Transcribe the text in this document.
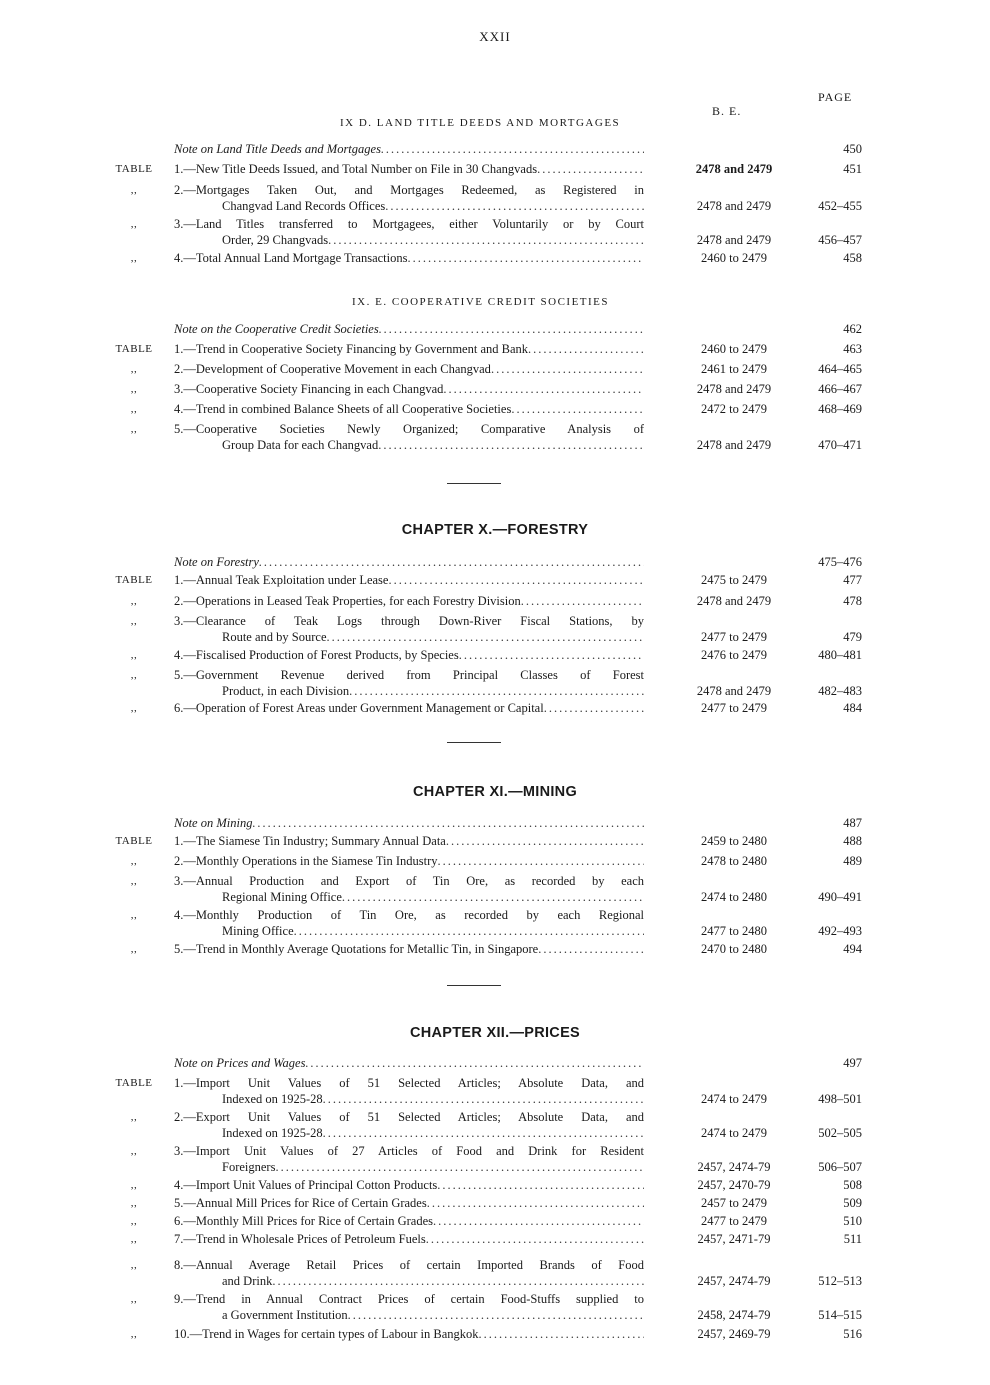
XXII
PAGE
B. E.
IX D. LAND TITLE DEEDS AND MORTGAGES
Note on Land Title Deeds and Mortgages .....	450
TABLE	1.—New Title Deeds Issued, and Total Number on File in 30 Changvads .....	2478 and 2479	451
,,	2.—Mortgages Taken Out, and Mortgages Redeemed, as Registered in
Changvad Land Records Offices .....	2478 and 2479	452–455
,,	3.—Land Titles transferred to Mortgagees, either Voluntarily or by Court
Order, 29 Changvads .....	2478 and 2479	456–457
,,	4.—Total Annual Land Mortgage Transactions .....	2460 to 2479	458
IX. E. COOPERATIVE CREDIT SOCIETIES
Note on the Cooperative Credit Societies .....	462
TABLE	1.—Trend in Cooperative Society Financing by Government and Bank .....	2460 to 2479	463
,,	2.—Development of Cooperative Movement in each Changvad .....	2461 to 2479	464–465
,,	3.—Cooperative Society Financing in each Changvad .....	2478 and 2479	466–467
,,	4.—Trend in combined Balance Sheets of all Cooperative Societies .....	2472 to 2479	468–469
,,	5.—Cooperative Societies Newly Organized; Comparative Analysis of
Group Data for each Changvad .....	2478 and 2479	470–471
CHAPTER X.—FORESTRY
Note on Forestry .....	475–476
TABLE	1.—Annual Teak Exploitation under Lease .....	2475 to 2479	477
,,	2.—Operations in Leased Teak Properties, for each Forestry Division .....	2478 and 2479	478
,,	3.—Clearance of Teak Logs through Down-River Fiscal Stations, by
Route and by Source .....	2477 to 2479	479
,,	4.—Fiscalised Production of Forest Products, by Species .....	2476 to 2479	480–481
,,	5.—Government Revenue derived from Principal Classes of Forest
Product, in each Division .....	2478 and 2479	482–483
,,	6.—Operation of Forest Areas under Government Management or Capital .....	2477 to 2479	484
CHAPTER XI.—MINING
Note on Mining .....	487
TABLE	1.—The Siamese Tin Industry; Summary Annual Data .....	2459 to 2480	488
,,	2.—Monthly Operations in the Siamese Tin Industry .....	2478 to 2480	489
,,	3.—Annual Production and Export of Tin Ore, as recorded by each
Regional Mining Office .....	2474 to 2480	490–491
,,	4.—Monthly Production of Tin Ore, as recorded by each Regional
Mining Office .....	2477 to 2480	492–493
,,	5.—Trend in Monthly Average Quotations for Metallic Tin, in Singapore .....	2470 to 2480	494
CHAPTER XII.—PRICES
Note on Prices and Wages .....	497
TABLE	1.—Import Unit Values of 51 Selected Articles; Absolute Data, and
Indexed on 1925-28 .....	2474 to 2479	498–501
,,	2.—Export Unit Values of 51 Selected Articles; Absolute Data, and
Indexed on 1925-28 .....	2474 to 2479	502–505
,,	3.—Import Unit Values of 27 Articles of Food and Drink for Resident
Foreigners .....	2457, 2474-79	506–507
,,	4.—Import Unit Values of Principal Cotton Products .....	2457, 2470-79	508
,,	5.—Annual Mill Prices for Rice of Certain Grades .....	2457 to 2479	509
,,	6.—Monthly Mill Prices for Rice of Certain Grades .....	2477 to 2479	510
,,	7.—Trend in Wholesale Prices of Petroleum Fuels .....	2457, 2471-79	511
,,	8.—Annual Average Retail Prices of certain Imported Brands of Food
and Drink .....	2457, 2474-79	512–513
,,	9.—Trend in Annual Contract Prices of certain Food-Stuffs supplied to
a Government Institution .....	2458, 2474-79	514–515
,,	10.—Trend in Wages for certain types of Labour in Bangkok .....	2457, 2469-79	516
